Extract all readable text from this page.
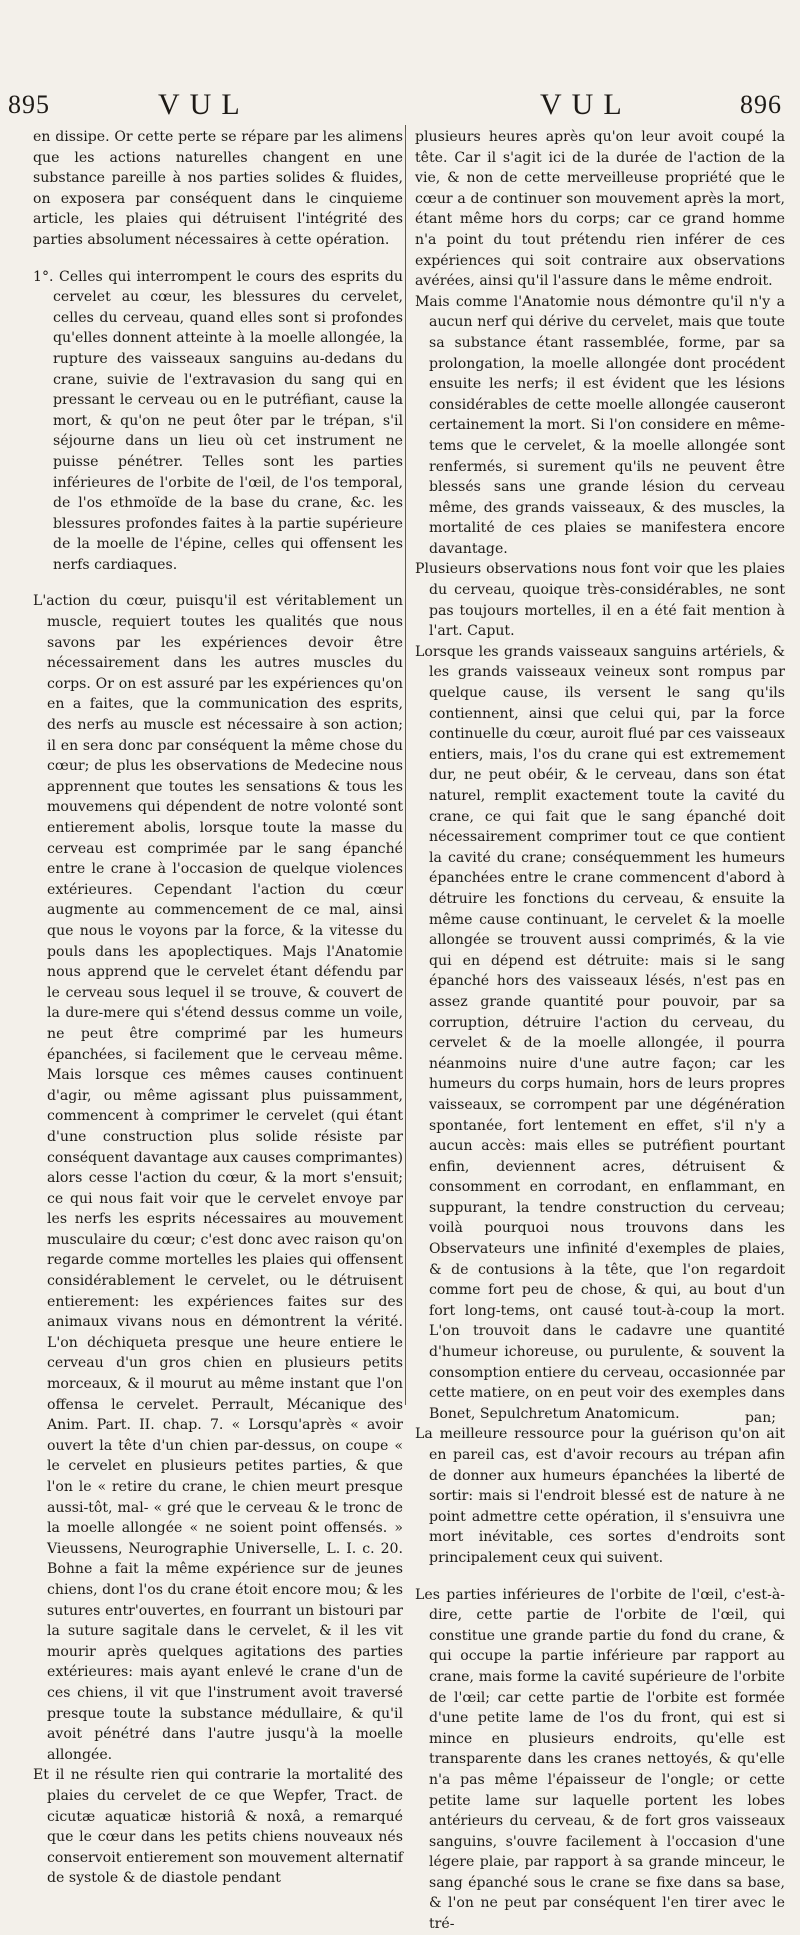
895	VUL	VUL	896

en dissipe. Or cette perte se répare par les alimens que les actions naturelles changent en une substance pareille à nos parties solides & fluides, on exposera par conséquent dans le cinquieme article, les plaies qui détruisent l'intégrité des parties absolument nécessaires à cette opération.

1°. Celles qui interrompent le cours des esprits du cervelet au cœur, les blessures du cervelet, celles du cerveau, quand elles sont si profondes qu'elles donnent atteinte à la moelle allongée, la rupture des vaisseaux sanguins au-dedans du crane, suivie de l'extravasion du sang qui en pressant le cerveau ou en le putréfiant, cause la mort, & qu'on ne peut ôter par le trépan, s'il séjourne dans un lieu où cet instrument ne puisse pénétrer. Telles sont les parties inférieures de l'orbite de l'œil, de l'os temporal, de l'os ethmoïde de la base du crane, &c. les blessures profondes faites à la partie supérieure de la moelle de l'épine, celles qui offensent les nerfs cardiaques.

L'action du cœur, puisqu'il est véritablement un muscle, requiert toutes les qualités que nous savons par les expériences devoir être nécessairement dans les autres muscles du corps. Or on est assuré par les expériences qu'on en a faites, que la communication des esprits, des nerfs au muscle est nécessaire à son action; il en sera donc par conséquent la même chose du cœur; de plus les observations de Medecine nous apprennent que toutes les sensations & tous les mouvemens qui dépendent de notre volonté sont entierement abolis, lorsque toute la masse du cerveau est comprimée par le sang épanché entre le crane à l'occasion de quelque violences extérieures. Cependant l'action du cœur augmente au commencement de ce mal, ainsi que nous le voyons par la force, & la vitesse du pouls dans les apoplectiques. Majs l'Anatomie nous apprend que le cervelet étant défendu par le cerveau sous lequel il se trouve, & couvert de la dure-mere qui s'étend dessus comme un voile, ne peut être comprimé par les humeurs épanchées, si facilement que le cerveau même. Mais lorsque ces mêmes causes continuent d'agir, ou même agissant plus puissamment, commencent à comprimer le cervelet (qui étant d'une construction plus solide résiste par conséquent davantage aux causes comprimantes) alors cesse l'action du cœur, & la mort s'ensuit; ce qui nous fait voir que le cervelet envoye par les nerfs les esprits nécessaires au mouvement musculaire du cœur; c'est donc avec raison qu'on regarde comme mortelles les plaies qui offensent considérablement le cervelet, ou le détruisent entierement: les expériences faites sur des animaux vivans nous en démontrent la vérité. L'on déchiqueta presque une heure entiere le cerveau d'un gros chien en plusieurs petits morceaux, & il mourut au même instant que l'on offensa le cervelet. Perrault, Mécanique des Anim. Part. II. chap. 7. « Lorsqu'après « avoir ouvert la tête d'un chien par-dessus, on coupe « le cervelet en plusieurs petites parties, & que l'on le « retire du crane, le chien meurt presque aussi-tôt, mal- « gré que le cerveau & le tronc de la moelle allongée « ne soient point offensés. » Vieussens, Neurographie Universelle, L. I. c. 20. Bohne a fait la même expérience sur de jeunes chiens, dont l'os du crane étoit encore mou; & les sutures entr'ouvertes, en fourrant un bistouri par la suture sagitale dans le cervelet, & il les vit mourir après quelques agitations des parties extérieures: mais ayant enlevé le crane d'un de ces chiens, il vit que l'instrument avoit traversé presque toute la substance médullaire, & qu'il avoit pénétré dans l'autre jusqu'à la moelle allongée.

Et il ne résulte rien qui contrarie la mortalité des plaies du cervelet de ce que Wepfer, Tract. de cicutæ aquaticæ historiâ & noxâ, a remarqué que le cœur dans les petits chiens nouveaux nés conservoit entierement son mouvement alternatif de systole & de diastole pendant

plusieurs heures après qu'on leur avoit coupé la tête. Car il s'agit ici de la durée de l'action de la vie, & non de cette merveilleuse propriété que le cœur a de continuer son mouvement après la mort, étant même hors du corps; car ce grand homme n'a point du tout prétendu rien inférer de ces expériences qui soit contraire aux observations avérées, ainsi qu'il l'assure dans le même endroit.

Mais comme l'Anatomie nous démontre qu'il n'y a aucun nerf qui dérive du cervelet, mais que toute sa substance étant rassemblée, forme, par sa prolongation, la moelle allongée dont procédent ensuite les nerfs; il est évident que les lésions considérables de cette moelle allongée causeront certainement la mort. Si l'on considere en même-tems que le cervelet, & la moelle allongée sont renfermés, si surement qu'ils ne peuvent être blessés sans une grande lésion du cerveau même, des grands vaisseaux, & des muscles, la mortalité de ces plaies se manifestera encore davantage.

Plusieurs observations nous font voir que les plaies du cerveau, quoique très-considérables, ne sont pas toujours mortelles, il en a été fait mention à l'art. Caput.

Lorsque les grands vaisseaux sanguins artériels, & les grands vaisseaux veineux sont rompus par quelque cause, ils versent le sang qu'ils contiennent, ainsi que celui qui, par la force continuelle du cœur, auroit flué par ces vaisseaux entiers, mais, l'os du crane qui est extremement dur, ne peut obéir, & le cerveau, dans son état naturel, remplit exactement toute la cavité du crane, ce qui fait que le sang épanché doit nécessairement comprimer tout ce que contient la cavité du crane; conséquemment les humeurs épanchées entre le crane commencent d'abord à détruire les fonctions du cerveau, & ensuite la même cause continuant, le cervelet & la moelle allongée se trouvent aussi comprimés, & la vie qui en dépend est détruite: mais si le sang épanché hors des vaisseaux lésés, n'est pas en assez grande quantité pour pouvoir, par sa corruption, détruire l'action du cerveau, du cervelet & de la moelle allongée, il pourra néanmoins nuire d'une autre façon; car les humeurs du corps humain, hors de leurs propres vaisseaux, se corrompent par une dégénération spontanée, fort lentement en effet, s'il n'y a aucun accès: mais elles se putréfient pourtant enfin, deviennent acres, détruisent & consomment en corrodant, en enflammant, en suppurant, la tendre construction du cerveau; voilà pourquoi nous trouvons dans les Observateurs une infinité d'exemples de plaies, & de contusions à la tête, que l'on regardoit comme fort peu de chose, & qui, au bout d'un fort long-tems, ont causé tout-à-coup la mort. L'on trouvoit dans le cadavre une quantité d'humeur ichoreuse, ou purulente, & souvent la consomption entiere du cerveau, occasionnée par cette matiere, on en peut voir des exemples dans Bonet, Sepulchretum Anatomicum.

La meilleure ressource pour la guérison qu'on ait en pareil cas, est d'avoir recours au trépan afin de donner aux humeurs épanchées la liberté de sortir: mais si l'endroit blessé est de nature à ne point admettre cette opération, il s'ensuivra une mort inévitable, ces sortes d'endroits sont principalement ceux qui suivent.

Les parties inférieures de l'orbite de l'œil, c'est-à-dire, cette partie de l'orbite de l'œil, qui constitue une grande partie du fond du crane, & qui occupe la partie inférieure par rapport au crane, mais forme la cavité supérieure de l'orbite de l'œil; car cette partie de l'orbite est formée d'une petite lame de l'os du front, qui est si mince en plusieurs endroits, qu'elle est transparente dans les cranes nettoyés, & qu'elle n'a pas même l'épaisseur de l'ongle; or cette petite lame sur laquelle portent les lobes antérieurs du cerveau, & de fort gros vaisseaux sanguins, s'ouvre facilement à l'occasion d'une légere plaie, par rapport à sa grande minceur, le sang épanché sous le crane se fixe dans sa base, & l'on ne peut par conséquent l'en tirer avec le tré-

pan;
